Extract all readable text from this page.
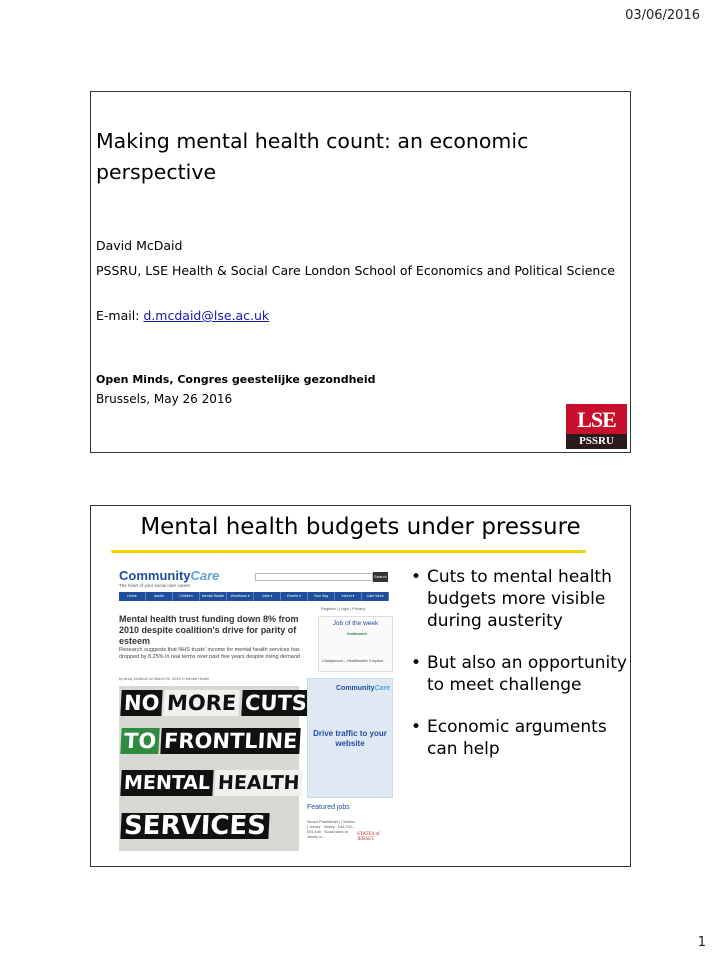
03/06/2016
Making mental health count: an economic perspective
David McDaid
PSSRU, LSE Health & Social Care London School of Economics and Political Science
E-mail: d.mcdaid@lse.ac.uk
Open Minds, Congres geestelijke gezondheid
Brussels, May 26 2016
LSE
PSSRU
Mental health budgets under pressure
CommunityCare
The heart of your social care career
Search
Home	Adults	Children	Mental Health	Workforce ▾	Jobs ▾	Events ▾	Your Say	Inform ▾	Care Work
Register | Login | Privacy
Mental health trust funding down 8% from 2010 despite coalition's drive for parity of esteem
Research suggests that NHS trusts' income for mental health services has dropped by 8.25% in real terms over past five years despite rising demand
by Andy McNicoll on March 20, 2015 in Mental Health
NO MORE CUTS
TO FRONTLINE
MENTAL HEALTH
SERVICES
Job of the week
healthwatch
Chairperson – Healthwatch Croydon
CommunityCare
Drive traffic to your website
Featured jobs
Senior Practitioner | Children | Jersey · Jersey · £48,702 – £54,438 · Social work at Jersey is...	STATES of JERSEY
• Cuts to mental health budgets more visible during austerity
• But also an opportunity to meet challenge
• Economic arguments can help
1
